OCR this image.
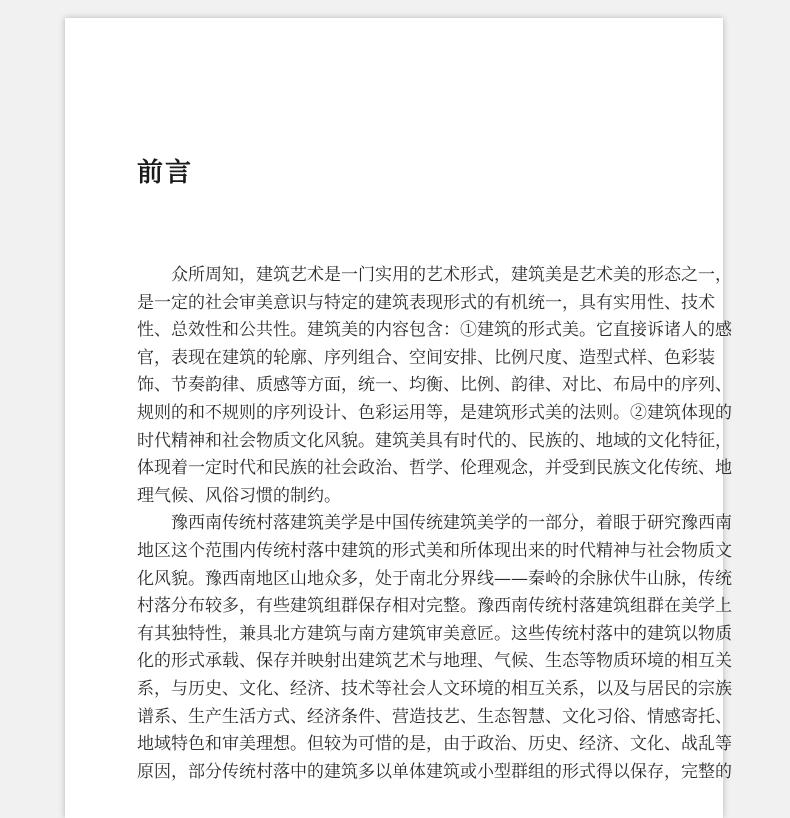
前言
众所周知，建筑艺术是一门实用的艺术形式，建筑美是艺术美的形态之一，
是一定的社会审美意识与特定的建筑表现形式的有机统一，具有实用性、技术
性、总效性和公共性。建筑美的内容包含：①建筑的形式美。它直接诉诸人的感
官，表现在建筑的轮廓、序列组合、空间安排、比例尺度、造型式样、色彩装
饰、节奏韵律、质感等方面，统一、均衡、比例、韵律、对比、布局中的序列、
规则的和不规则的序列设计、色彩运用等，是建筑形式美的法则。②建筑体现的
时代精神和社会物质文化风貌。建筑美具有时代的、民族的、地域的文化特征，
体现着一定时代和民族的社会政治、哲学、伦理观念，并受到民族文化传统、地
理气候、风俗习惯的制约。
豫西南传统村落建筑美学是中国传统建筑美学的一部分，着眼于研究豫西南
地区这个范围内传统村落中建筑的形式美和所体现出来的时代精神与社会物质文
化风貌。豫西南地区山地众多，处于南北分界线——秦岭的余脉伏牛山脉，传统
村落分布较多，有些建筑组群保存相对完整。豫西南传统村落建筑组群在美学上
有其独特性，兼具北方建筑与南方建筑审美意匠。这些传统村落中的建筑以物质
化的形式承载、保存并映射出建筑艺术与地理、气候、生态等物质环境的相互关
系，与历史、文化、经济、技术等社会人文环境的相互关系，以及与居民的宗族
谱系、生产生活方式、经济条件、营造技艺、生态智慧、文化习俗、情感寄托、
地域特色和审美理想。但较为可惜的是，由于政治、历史、经济、文化、战乱等
原因，部分传统村落中的建筑多以单体建筑或小型群组的形式得以保存，完整的
